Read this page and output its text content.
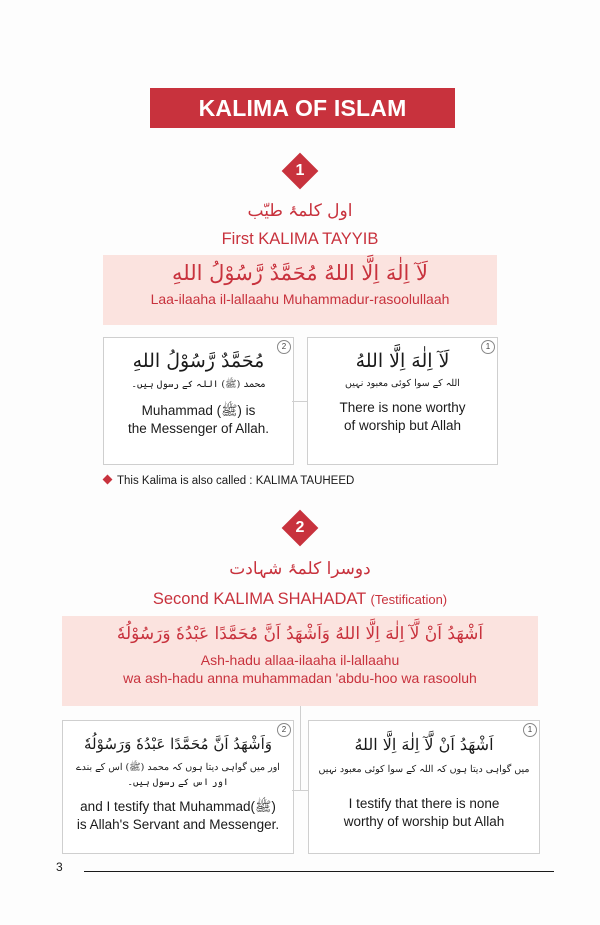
KALIMA OF ISLAM
1
اول کلمۂ طیّب
First KALIMA TAYYIB
لَآ اِلٰهَ اِلَّا اللهُ مُحَمَّدٌ رَّسُوْلُ اللهِ
Laa-ilaaha il-lallaahu Muhammadur-rasoolullaah
2
مُحَمَّدٌ رَّسُوْلُ اللهِ
محمد (ﷺ) اللہ کے رسول ہیں۔
Muhammad (ﷺ) is
the Messenger of Allah.
1
لَآ اِلٰهَ اِلَّا اللهُ
اللہ کے سوا کوئی معبود نہیں
There is none worthy
of worship but Allah
This Kalima is also called : KALIMA TAUHEED
2
دوسرا کلمۂ شہادت
Second KALIMA SHAHADAT (Testification)
اَشْهَدُ اَنْ لَّآ اِلٰهَ اِلَّا اللهُ وَاَشْهَدُ اَنَّ مُحَمَّدًا عَبْدُهٗ وَرَسُوْلُهٗ
Ash-hadu allaa-ilaaha il-lallaahu
wa ash-hadu anna muhammadan 'abdu-hoo wa rasooluh
2
وَاَشْهَدُ اَنَّ مُحَمَّدًا عَبْدُهٗ وَرَسُوْلُهٗ
اور میں گواہی دیتا ہوں کہ محمد (ﷺ) اس کے بندے
اور اس کے رسول ہیں۔
and I testify that Muhammad(ﷺ)
is Allah's Servant and Messenger.
1
اَشْهَدُ اَنْ لَّآ اِلٰهَ اِلَّا اللهُ
میں گواہی دیتا ہوں کہ اللہ کے سوا کوئی معبود نہیں
I testify that there is none
worthy of worship but Allah
3
